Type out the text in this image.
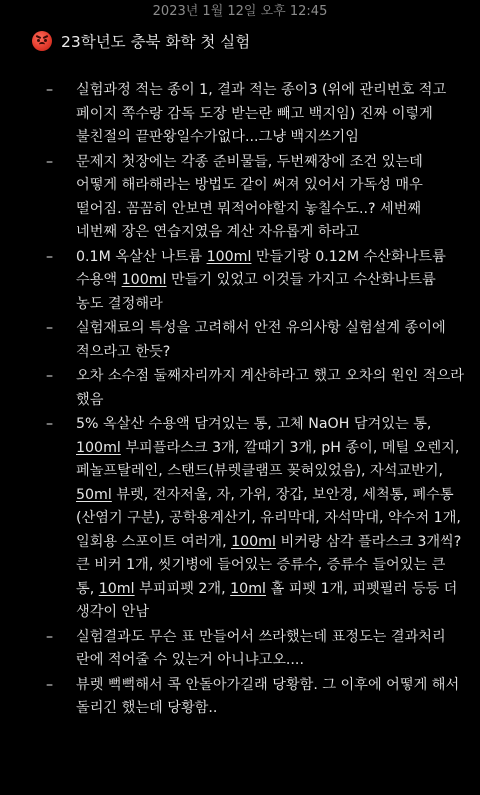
2023년 1월 12일 오후 12:45
23학년도 충북 화학 첫 실험
–	실험과정 적는 종이 1, 결과 적는 종이3 (위에 관리번호 적고 페이지 쪽수랑 감독 도장 받는란 빼고 백지임) 진짜 이렇게 불친절의 끝판왕일수가없다...그냥 백지쓰기임
–	문제지 첫장에는 각종 준비물들, 두번째장에 조건 있는데 어떻게 해라해라는 방법도 같이 써져 있어서 가독성 매우 떨어짐. 꼼꼼히 안보면 뭐적어야할지 놓칠수도..? 세번째 네번째 장은 연습지였음 계산 자유롭게 하라고
–	0.1M 옥살산 나트륨 100ml 만들기랑 0.12M 수산화나트륨 수용액 100ml 만들기 있었고 이것들 가지고 수산화나트륨 농도 결정해라
–	실험재료의 특성을 고려해서 안전 유의사항 실험설계 종이에 적으라고 한듯?
–	오차 소수점 둘째자리까지 계산하라고 했고 오차의 원인 적으라 했음
–	5% 옥살산 수용액 담겨있는 통, 고체 NaOH 담겨있는 통, 100ml 부피플라스크 3개, 깔때기 3개, pH 종이, 메틸 오렌지, 페놀프탈레인, 스탠드(뷰렛클램프 꽂혀있었음), 자석교반기, 50ml 뷰렛, 전자저울, 자, 가위, 장갑, 보안경, 세척통, 폐수통(산염기 구분), 공학용계산기, 유리막대, 자석막대, 약수저 1개, 일회용 스포이트 여러개, 100ml 비커랑 삼각 플라스크 3개씩? 큰 비커 1개, 씻기병에 들어있는 증류수, 증류수 들어있는 큰 통, 10ml 부피피펫 2개, 10ml 홀 피펫 1개, 피펫필러 등등 더 생각이 안남
–	실험결과도 무슨 표 만들어서 쓰라했는데 표정도는 결과처리 란에 적어줄 수 있는거 아니냐고오....
–	뷰렛 뻑뻑해서 콕 안돌아가길래 당황함. 그 이후에 어떻게 해서 돌리긴 했는데 당황함..
